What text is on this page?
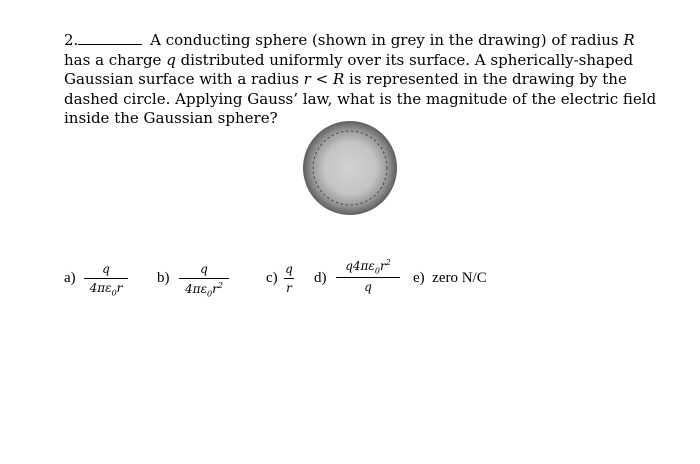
2.	A conducting sphere (shown in grey in the drawing) of radius R has a charge q distributed uniformly over its surface. A spherically-shaped Gaussian surface with a radius r < R is represented in the drawing by the dashed circle. Applying Gauss’ law, what is the magnitude of the electric field inside the Gaussian sphere?
$a) \frac{q}{4\pi\varepsilon_0r} b) \frac{q}{4\pi\varepsilon_0r^2} c) \frac{q}{r} d) \frac{q4\pi\varepsilon_0r^2}{q} e$) zero N/C
